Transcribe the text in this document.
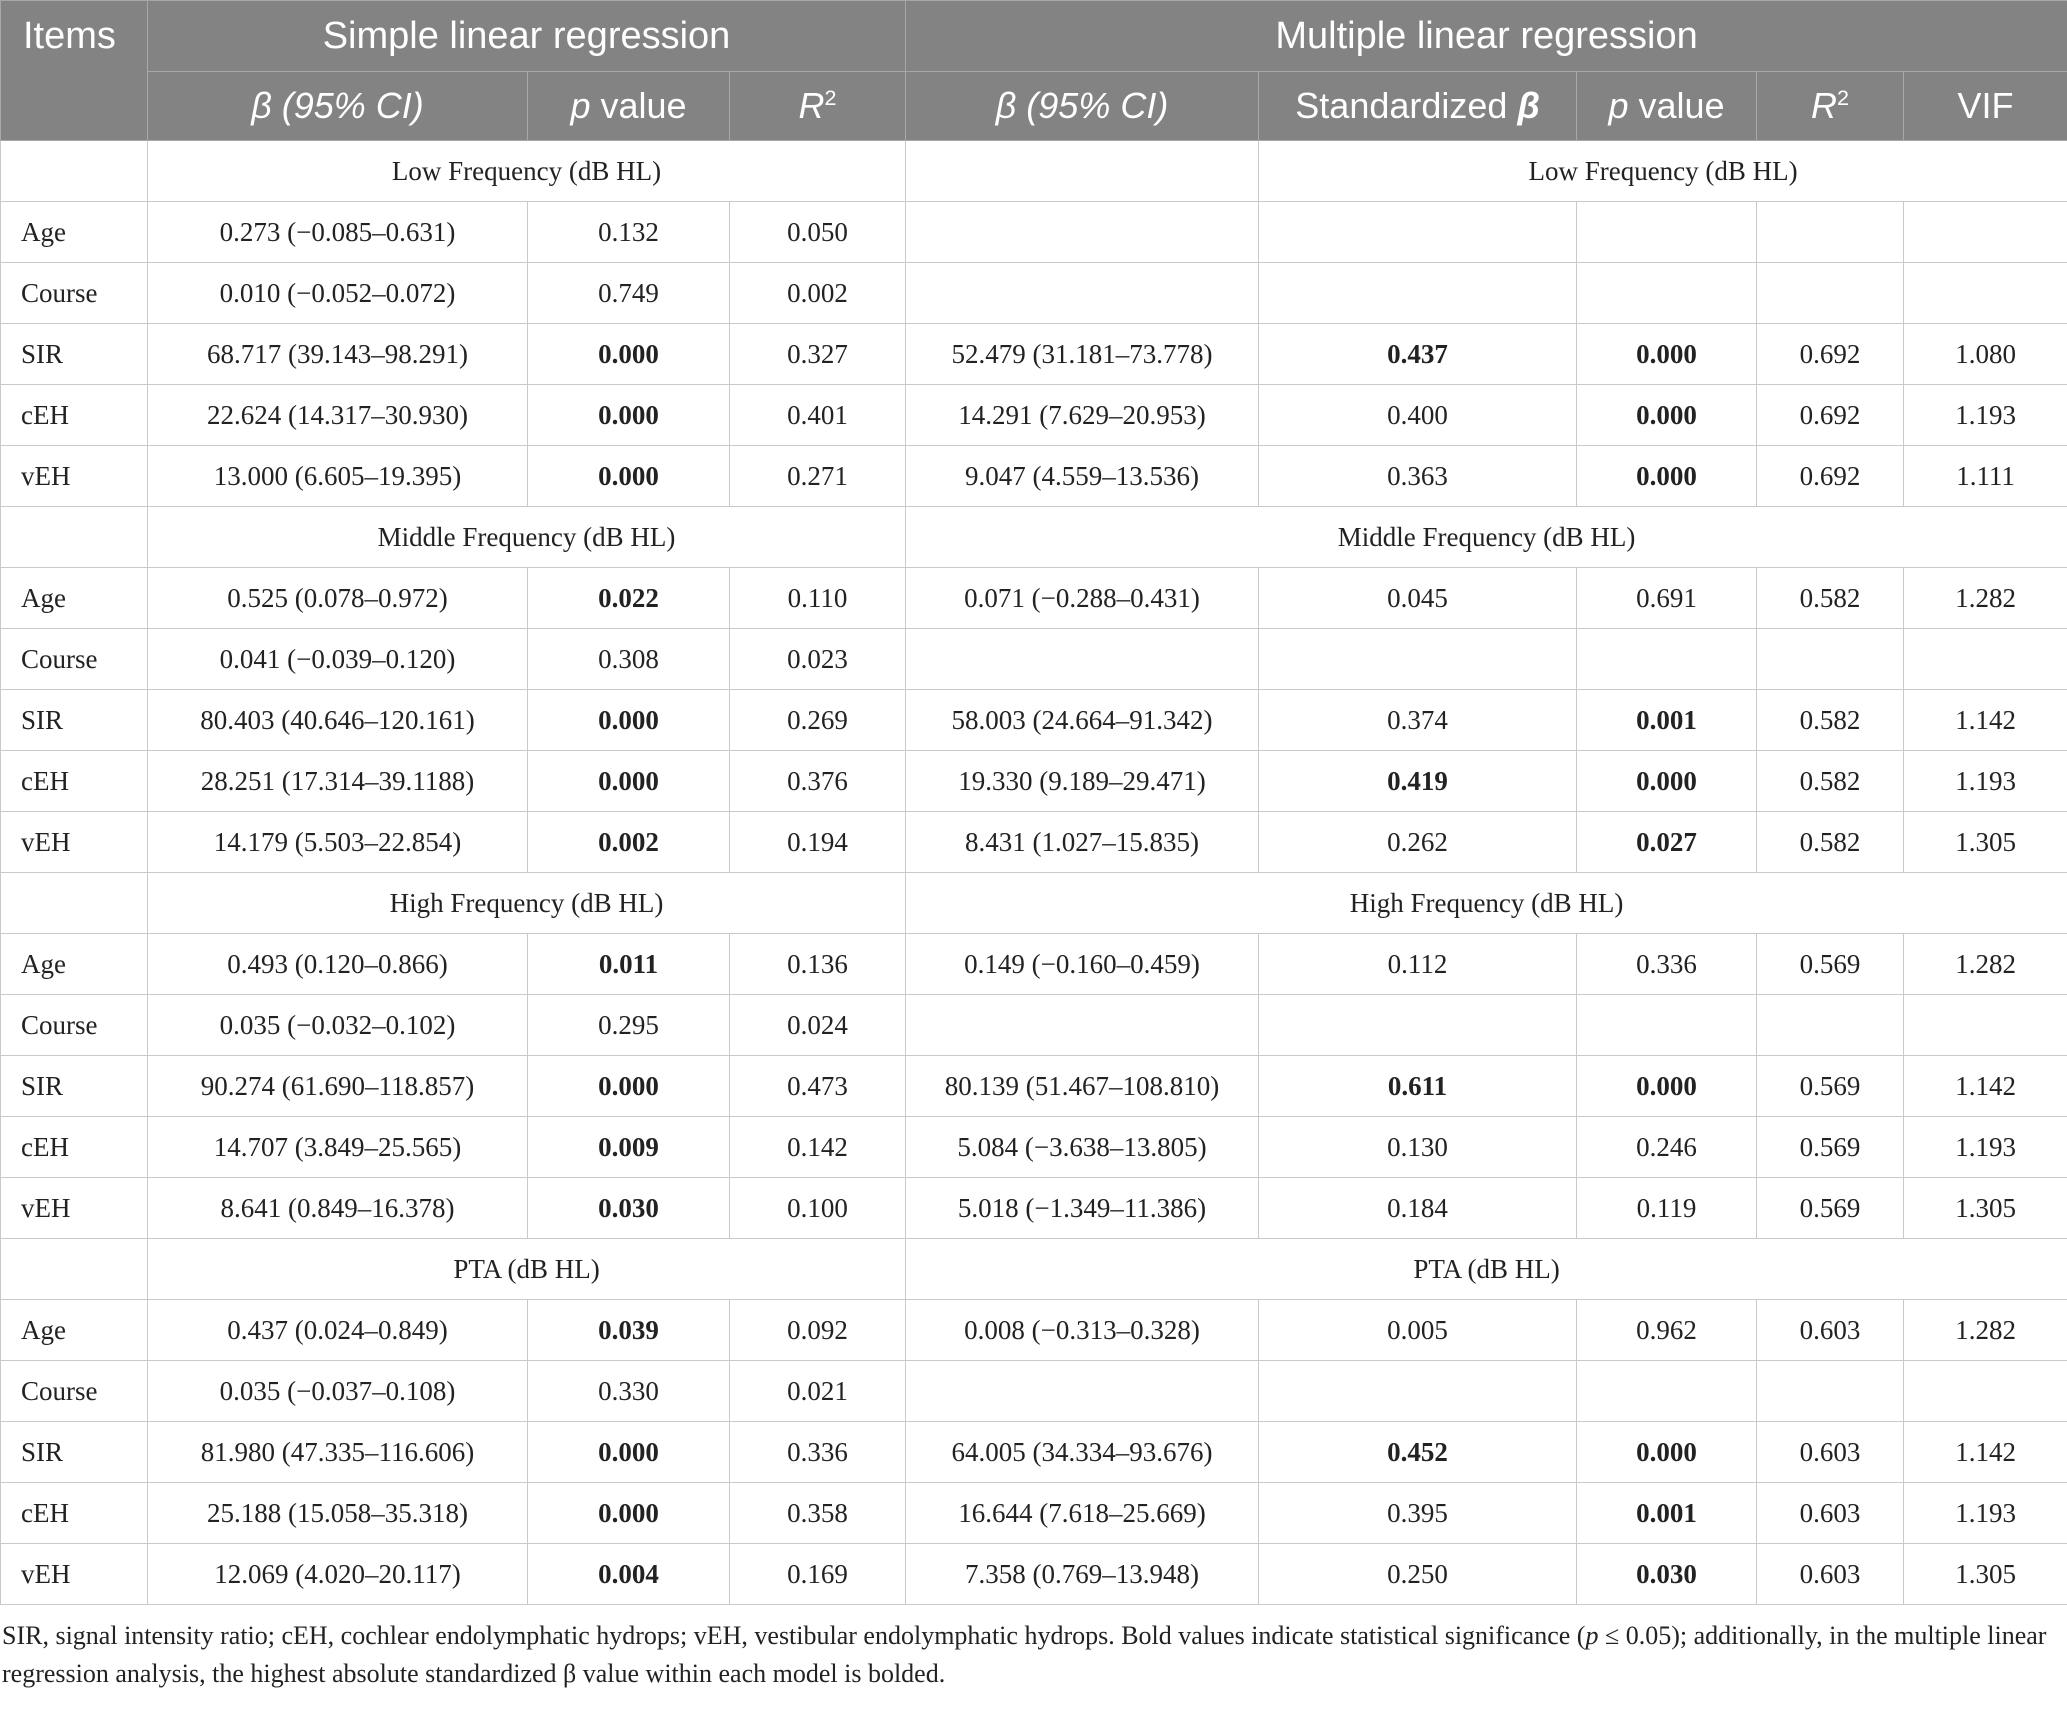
Items	Simple linear regression			Multiple linear regression				
	β (95% CI)	p value	$R^2$	β (95% CI)	Standardized β	p value	$R^2$	VIF
	Low Frequency (dB HL)				Low Frequency (dB HL)			
Age	0.273 (−0.085–0.631)	0.132	0.050					
Course	0.010 (−0.052–0.072)	0.749	0.002					
SIR	68.717 (39.143–98.291)	0.000	0.327	52.479 (31.181–73.778)	0.437	0.000	0.692	1.080
cEH	22.624 (14.317–30.930)	0.000	0.401	14.291 (7.629–20.953)	0.400	0.000	0.692	1.193
vEH	13.000 (6.605–19.395)	0.000	0.271	9.047 (4.559–13.536)	0.363	0.000	0.692	1.111
	Middle Frequency (dB HL)			Middle Frequency (dB HL)				
Age	0.525 (0.078–0.972)	0.022	0.110	0.071 (−0.288–0.431)	0.045	0.691	0.582	1.282
Course	0.041 (−0.039–0.120)	0.308	0.023					
SIR	80.403 (40.646–120.161)	0.000	0.269	58.003 (24.664–91.342)	0.374	0.001	0.582	1.142
cEH	28.251 (17.314–39.1188)	0.000	0.376	19.330 (9.189–29.471)	0.419	0.000	0.582	1.193
vEH	14.179 (5.503–22.854)	0.002	0.194	8.431 (1.027–15.835)	0.262	0.027	0.582	1.305
	High Frequency (dB HL)			High Frequency (dB HL)				
Age	0.493 (0.120–0.866)	0.011	0.136	0.149 (−0.160–0.459)	0.112	0.336	0.569	1.282
Course	0.035 (−0.032–0.102)	0.295	0.024					
SIR	90.274 (61.690–118.857)	0.000	0.473	80.139 (51.467–108.810)	0.611	0.000	0.569	1.142
cEH	14.707 (3.849–25.565)	0.009	0.142	5.084 (−3.638–13.805)	0.130	0.246	0.569	1.193
vEH	8.641 (0.849–16.378)	0.030	0.100	5.018 (−1.349–11.386)	0.184	0.119	0.569	1.305
	PTA (dB HL)			PTA (dB HL)				
Age	0.437 (0.024–0.849)	0.039	0.092	0.008 (−0.313–0.328)	0.005	0.962	0.603	1.282
Course	0.035 (−0.037–0.108)	0.330	0.021					
SIR	81.980 (47.335–116.606)	0.000	0.336	64.005 (34.334–93.676)	0.452	0.000	0.603	1.142
cEH	25.188 (15.058–35.318)	0.000	0.358	16.644 (7.618–25.669)	0.395	0.001	0.603	1.193
vEH	12.069 (4.020–20.117)	0.004	0.169	7.358 (0.769–13.948)	0.250	0.030	0.603	1.305
SIR, signal intensity ratio; cEH, cochlear endolymphatic hydrops; vEH, vestibular endolymphatic hydrops. Bold values indicate statistical significance (p ≤ 0.05); additionally, in the multiple linear regression analysis, the highest absolute standardized β value within each model is bolded.
